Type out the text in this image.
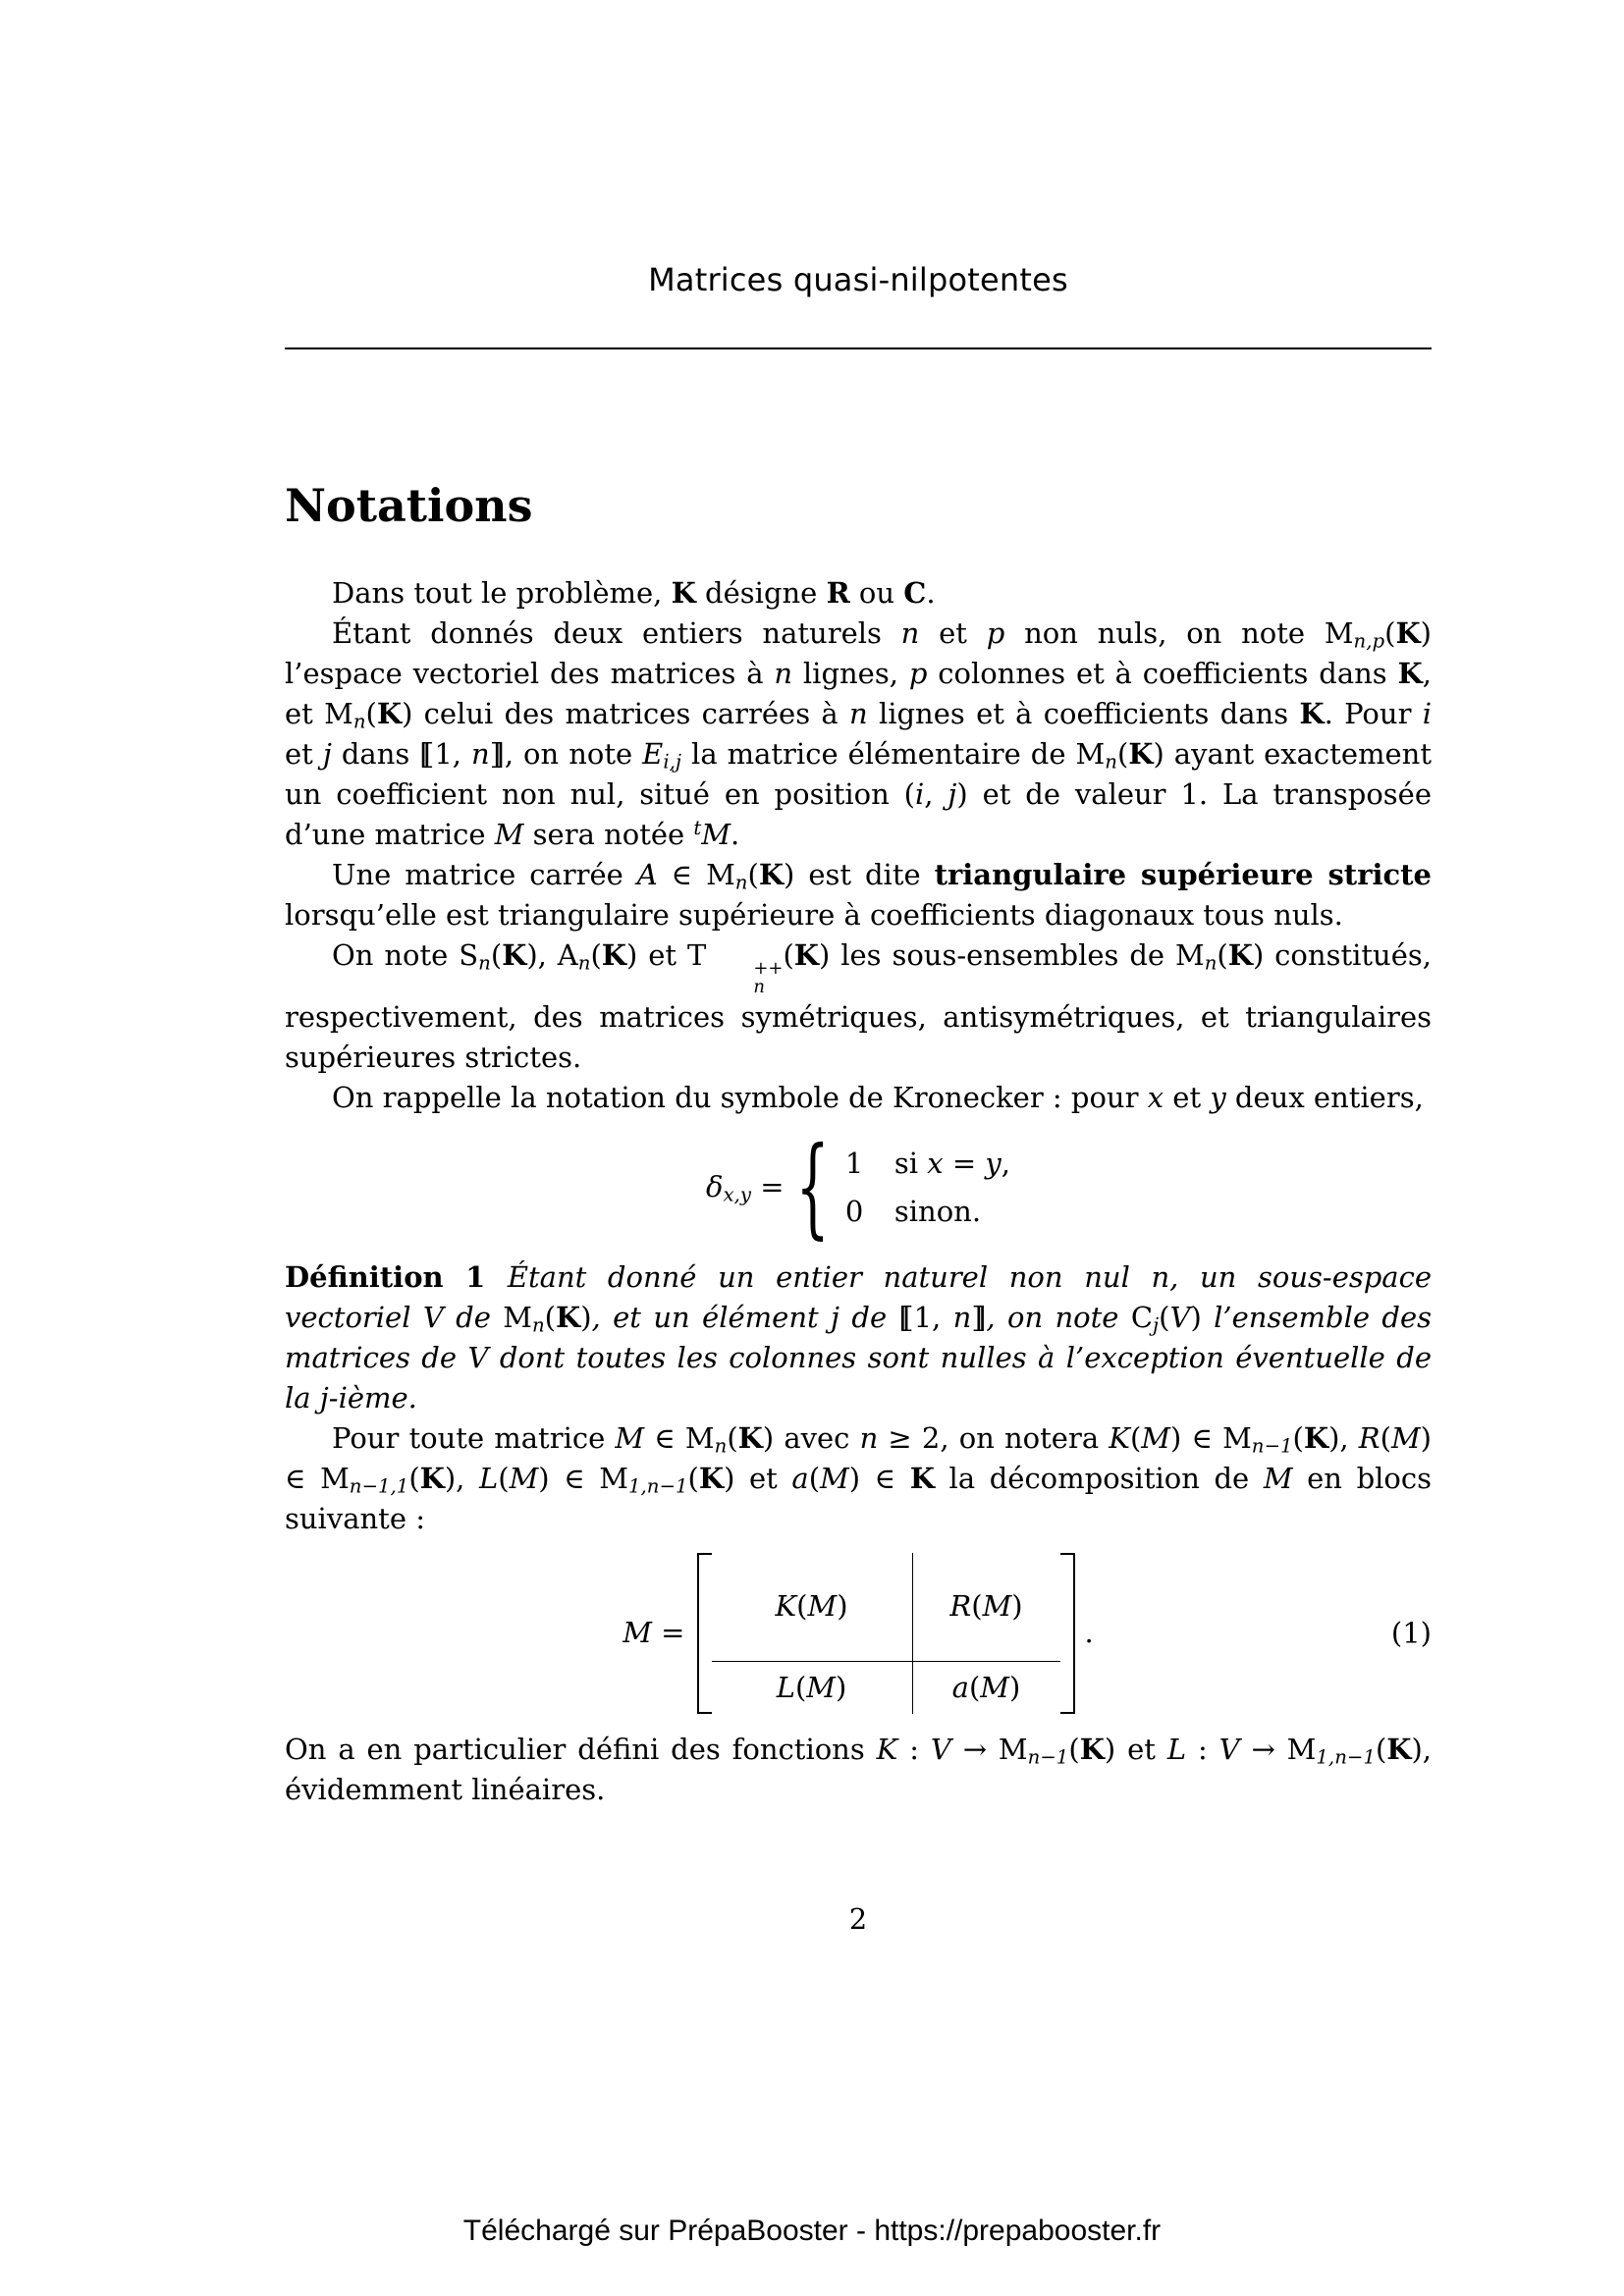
Matrices quasi-nilpotentes
Notations

Dans tout le problème, K désigne R ou C.

Étant donnés deux entiers naturels n et p non nuls, on note Mn,p(K) l’espace vectoriel des matrices à n lignes, p colonnes et à coefficients dans K, et Mn(K) celui des matrices carrées à n lignes et à coefficients dans K. Pour i et j dans [[ 1, n]] , on note Ei,j la matrice élémentaire de Mn(K) ayant exactement un coefficient non nul, situé en position (i, j) et de valeur 1. La transposée d’une matrice M sera notée $^t$M.

Une matrice carrée A ∈ Mn(K) est dite triangulaire supérieure stricte lorsqu’elle est triangulaire supérieure à coefficients diagonaux tous nuls.

On note Sn(K), An(K) et T	++
n
(K) les sous-ensembles de Mn(K) constitués, respectivement, des matrices symétriques, antisymétriques, et triangulaires supérieures strictes.

On rappelle la notation du symbole de Kronecker : pour x et y deux entiers,

δx,y = { 1	si x = y,
0	sinon.

Définition 1 Étant donné un entier naturel non nul n, un sous-espace vectoriel V de Mn(K), et un élément j de [[ 1, n]] , on note Cj(V) l’ensemble des matrices de V dont toutes les colonnes sont nulles à l’exception éventuelle de la j-ième.

Pour toute matrice M ∈ Mn(K) avec n ≥ 2, on notera K(M) ∈ Mn−1(K), R(M) ∈ Mn−1,1(K), L(M) ∈ M1,n−1(K) et a(M) ∈ K la décomposition de M en blocs suivante :

M =
K ( M )	R ( M )
L ( M )	a ( M )
.	(1)

On a en particulier défini des fonctions K : V → Mn−1(K) et L : V → M1,n−1(K), évidemment linéaires.

2
Téléchargé sur PrépaBooster - https://prepabooster.fr
